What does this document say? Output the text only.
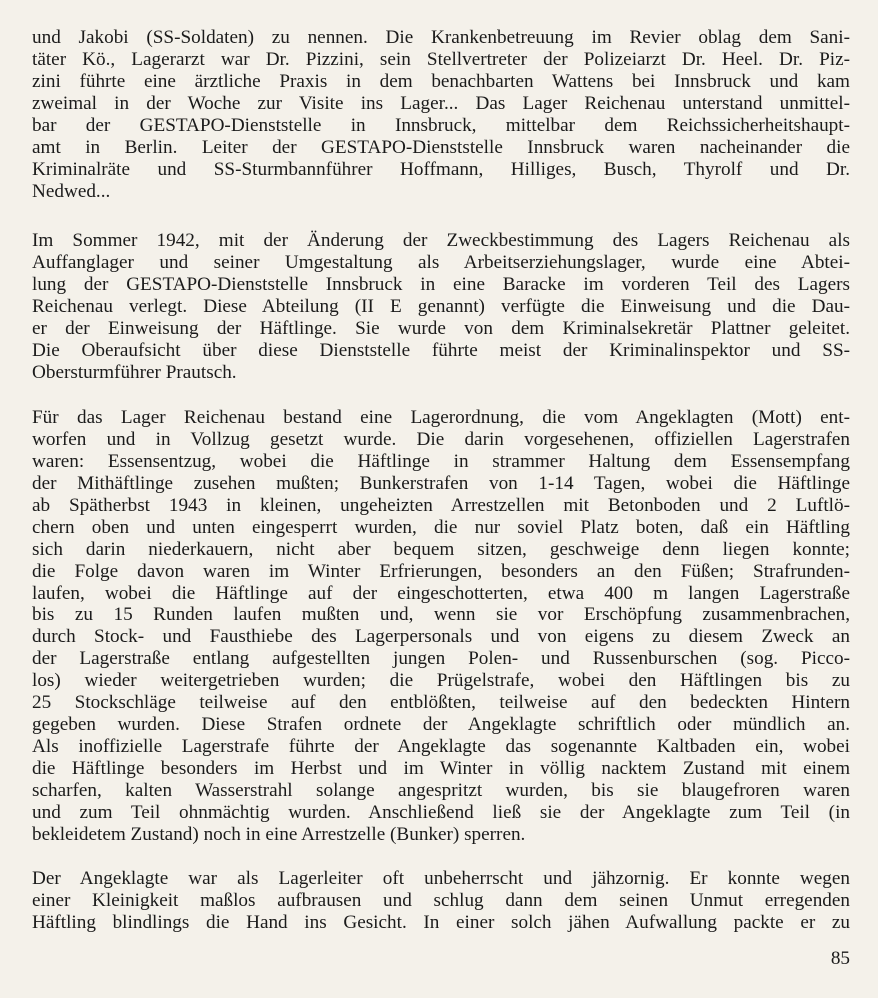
und Jakobi (SS-Soldaten) zu nennen. Die Krankenbetreuung im Revier oblag dem Sani-
täter Kö., Lagerarzt war Dr. Pizzini, sein Stellvertreter der Polizeiarzt Dr. Heel. Dr. Piz-
zini führte eine ärztliche Praxis in dem benachbarten Wattens bei Innsbruck und kam
zweimal in der Woche zur Visite ins Lager... Das Lager Reichenau unterstand unmittel-
bar der GESTAPO-Dienststelle in Innsbruck, mittelbar dem Reichssicherheitshaupt-
amt in Berlin. Leiter der GESTAPO-Dienststelle Innsbruck waren nacheinander die
Kriminalräte und SS-Sturmbannführer Hoffmann, Hilliges, Busch, Thyrolf und Dr.
Nedwed...

Im Sommer 1942, mit der Änderung der Zweckbestimmung des Lagers Reichenau als
Auffanglager und seiner Umgestaltung als Arbeitserziehungslager, wurde eine Abtei-
lung der GESTAPO-Dienststelle Innsbruck in eine Baracke im vorderen Teil des Lagers
Reichenau verlegt. Diese Abteilung (II E genannt) verfügte die Einweisung und die Dau-
er der Einweisung der Häftlinge. Sie wurde von dem Kriminalsekretär Plattner geleitet.
Die Oberaufsicht über diese Dienststelle führte meist der Kriminalinspektor und SS-
Obersturmführer Prautsch.

Für das Lager Reichenau bestand eine Lagerordnung, die vom Angeklagten (Mott) ent-
worfen und in Vollzug gesetzt wurde. Die darin vorgesehenen, offiziellen Lagerstrafen
waren: Essensentzug, wobei die Häftlinge in strammer Haltung dem Essensempfang
der Mithäftlinge zusehen mußten; Bunkerstrafen von 1-14 Tagen, wobei die Häftlinge
ab Spätherbst 1943 in kleinen, ungeheizten Arrestzellen mit Betonboden und 2 Luftlö-
chern oben und unten eingesperrt wurden, die nur soviel Platz boten, daß ein Häftling
sich darin niederkauern, nicht aber bequem sitzen, geschweige denn liegen konnte;
die Folge davon waren im Winter Erfrierungen, besonders an den Füßen; Strafrunden-
laufen, wobei die Häftlinge auf der eingeschotterten, etwa 400 m langen Lagerstraße
bis zu 15 Runden laufen mußten und, wenn sie vor Erschöpfung zusammenbrachen,
durch Stock- und Fausthiebe des Lagerpersonals und von eigens zu diesem Zweck an
der Lagerstraße entlang aufgestellten jungen Polen- und Russenburschen (sog. Picco-
los) wieder weitergetrieben wurden; die Prügelstrafe, wobei den Häftlingen bis zu
25 Stockschläge teilweise auf den entblößten, teilweise auf den bedeckten Hintern
gegeben wurden. Diese Strafen ordnete der Angeklagte schriftlich oder mündlich an.
Als inoffizielle Lagerstrafe führte der Angeklagte das sogenannte Kaltbaden ein, wobei
die Häftlinge besonders im Herbst und im Winter in völlig nacktem Zustand mit einem
scharfen, kalten Wasserstrahl solange angespritzt wurden, bis sie blaugefroren waren
und zum Teil ohnmächtig wurden. Anschließend ließ sie der Angeklagte zum Teil (in
bekleidetem Zustand) noch in eine Arrestzelle (Bunker) sperren.

Der Angeklagte war als Lagerleiter oft unbeherrscht und jähzornig. Er konnte wegen
einer Kleinigkeit maßlos aufbrausen und schlug dann dem seinen Unmut erregenden
Häftling blindlings die Hand ins Gesicht. In einer solch jähen Aufwallung packte er zu

85
